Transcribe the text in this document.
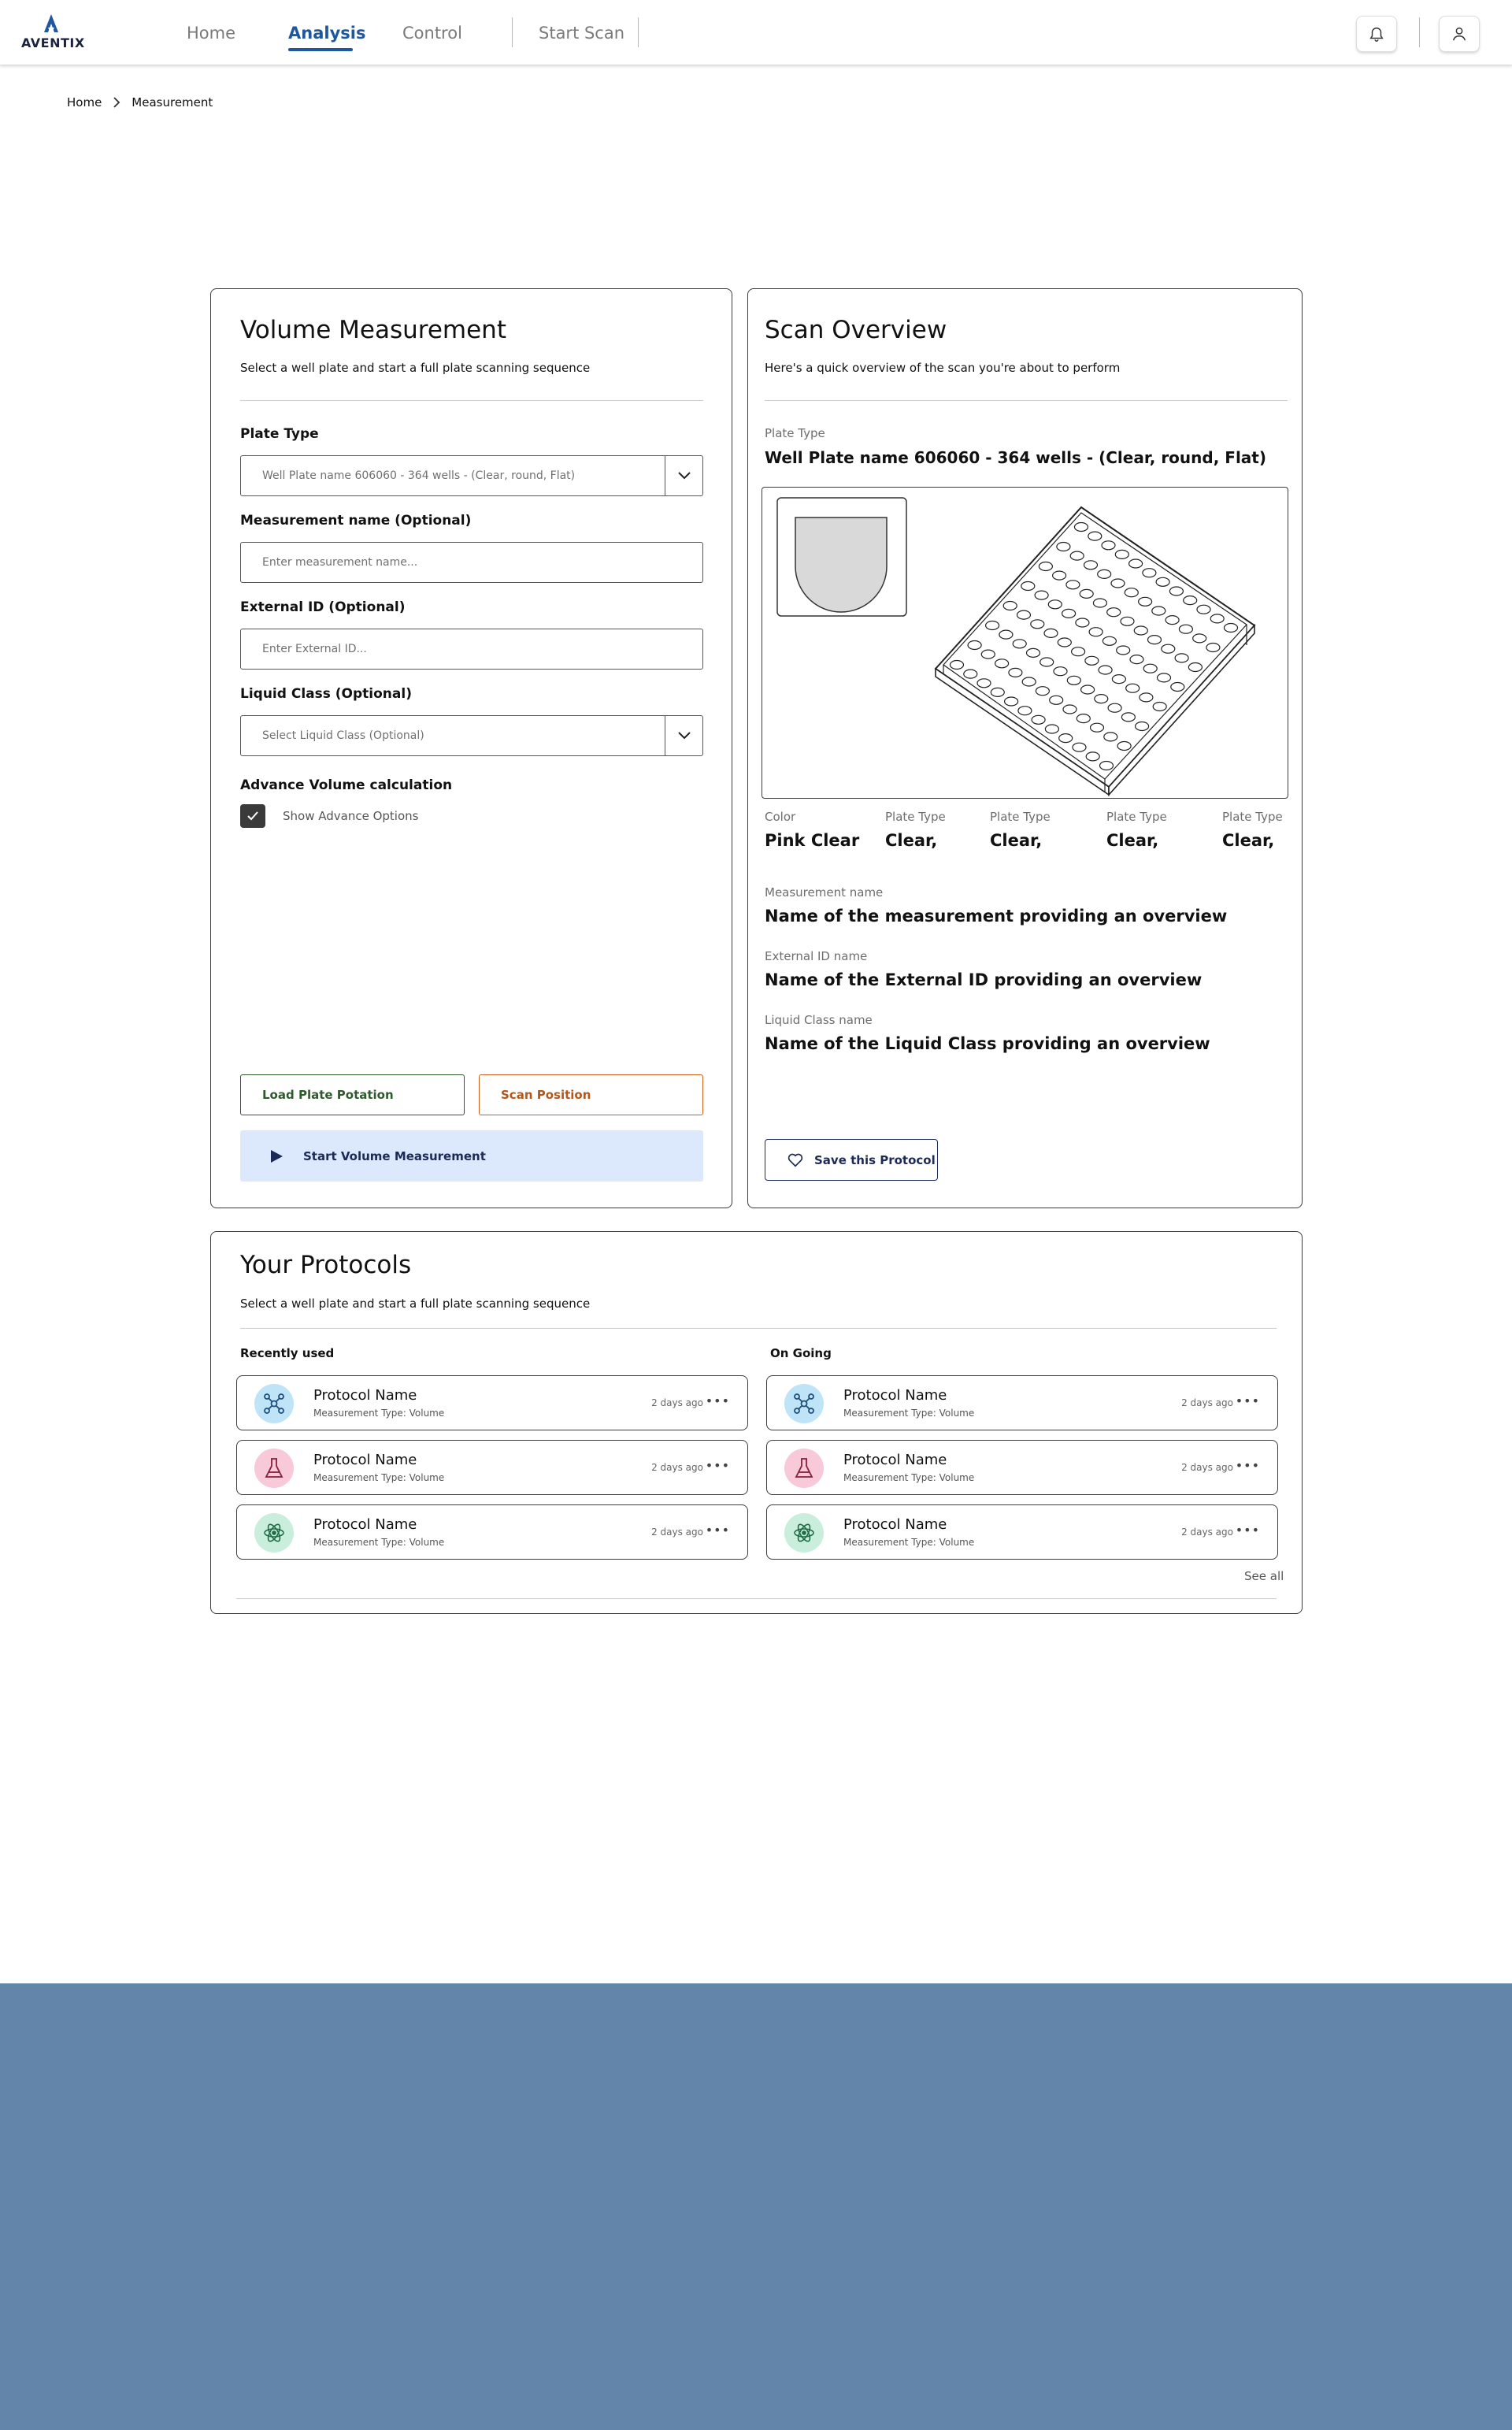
AVENTIX
Home	Analysis Control	Start Scan
Home	Measurement
Volume Measurement
Select a well plate and start a full plate scanning sequence
Plate Type
Well Plate name 606060 - 364 wells - (Clear, round, Flat)
Measurement name (Optional)
Enter measurement name...
External ID (Optional)
Enter External ID...
Liquid Class (Optional)
Select Liquid Class (Optional)
Advance Volume calculation
Show Advance Options
Load Plate Potation	Scan Position
Start Volume Measurement
Scan Overview
Here's a quick overview of the scan you're about to perform
Plate Type
Well Plate name 606060 - 364 wells - (Clear, round, Flat)
Color
Pink Clear
Plate Type
Clear,
Plate Type
Clear,
Plate Type
Clear,
Plate Type
Clear,
Measurement name
Name of the measurement providing an overview
External ID name
Name of the External ID providing an overview
Liquid Class name
Name of the Liquid Class providing an overview
Save this Protocol
Your Protocols
Select a well plate and start a full plate scanning sequence
Recently used	On Going
Protocol Name
Measurement Type: Volume
2 days ago •••
Protocol Name
Measurement Type: Volume
2 days ago •••
Protocol Name
Measurement Type: Volume
2 days ago •••
Protocol Name
Measurement Type: Volume
2 days ago •••
Protocol Name
Measurement Type: Volume
2 days ago •••
Protocol Name
Measurement Type: Volume
2 days ago •••
See all
